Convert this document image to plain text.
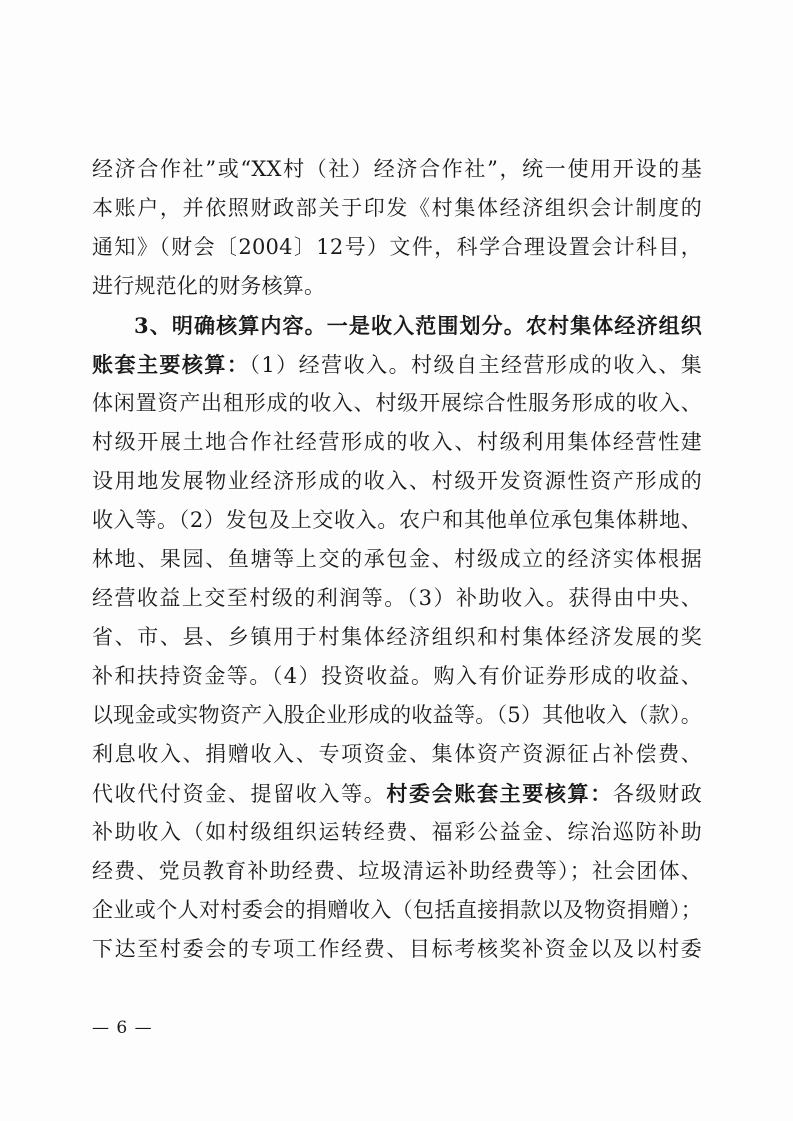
经济合作社”或“XX村（社）经济合作社”，统一使用开设的基
本账户，并依照财政部关于印发《村集体经济组织会计制度的
通知》（财会〔2004〕12号）文件，科学合理设置会计科目，
进行规范化的财务核算。
3、明确核算内容。一是收入范围划分。农村集体经济组织
账套主要核算：（1）经营收入。村级自主经营形成的收入、集
体闲置资产出租形成的收入、村级开展综合性服务形成的收入、
村级开展土地合作社经营形成的收入、村级利用集体经营性建
设用地发展物业经济形成的收入、村级开发资源性资产形成的
收入等。（2）发包及上交收入。农户和其他单位承包集体耕地、
林地、果园、鱼塘等上交的承包金、村级成立的经济实体根据
经营收益上交至村级的利润等。（3）补助收入。获得由中央、
省、市、县、乡镇用于村集体经济组织和村集体经济发展的奖
补和扶持资金等。（4）投资收益。购入有价证券形成的收益、
以现金或实物资产入股企业形成的收益等。（5）其他收入（款）。
利息收入、捐赠收入、专项资金、集体资产资源征占补偿费、
代收代付资金、提留收入等。村委会账套主要核算：各级财政
补助收入（如村级组织运转经费、福彩公益金、综治巡防补助
经费、党员教育补助经费、垃圾清运补助经费等）；社会团体、
企业或个人对村委会的捐赠收入（包括直接捐款以及物资捐赠）；
下达至村委会的专项工作经费、目标考核奖补资金以及以村委
— 6 —
